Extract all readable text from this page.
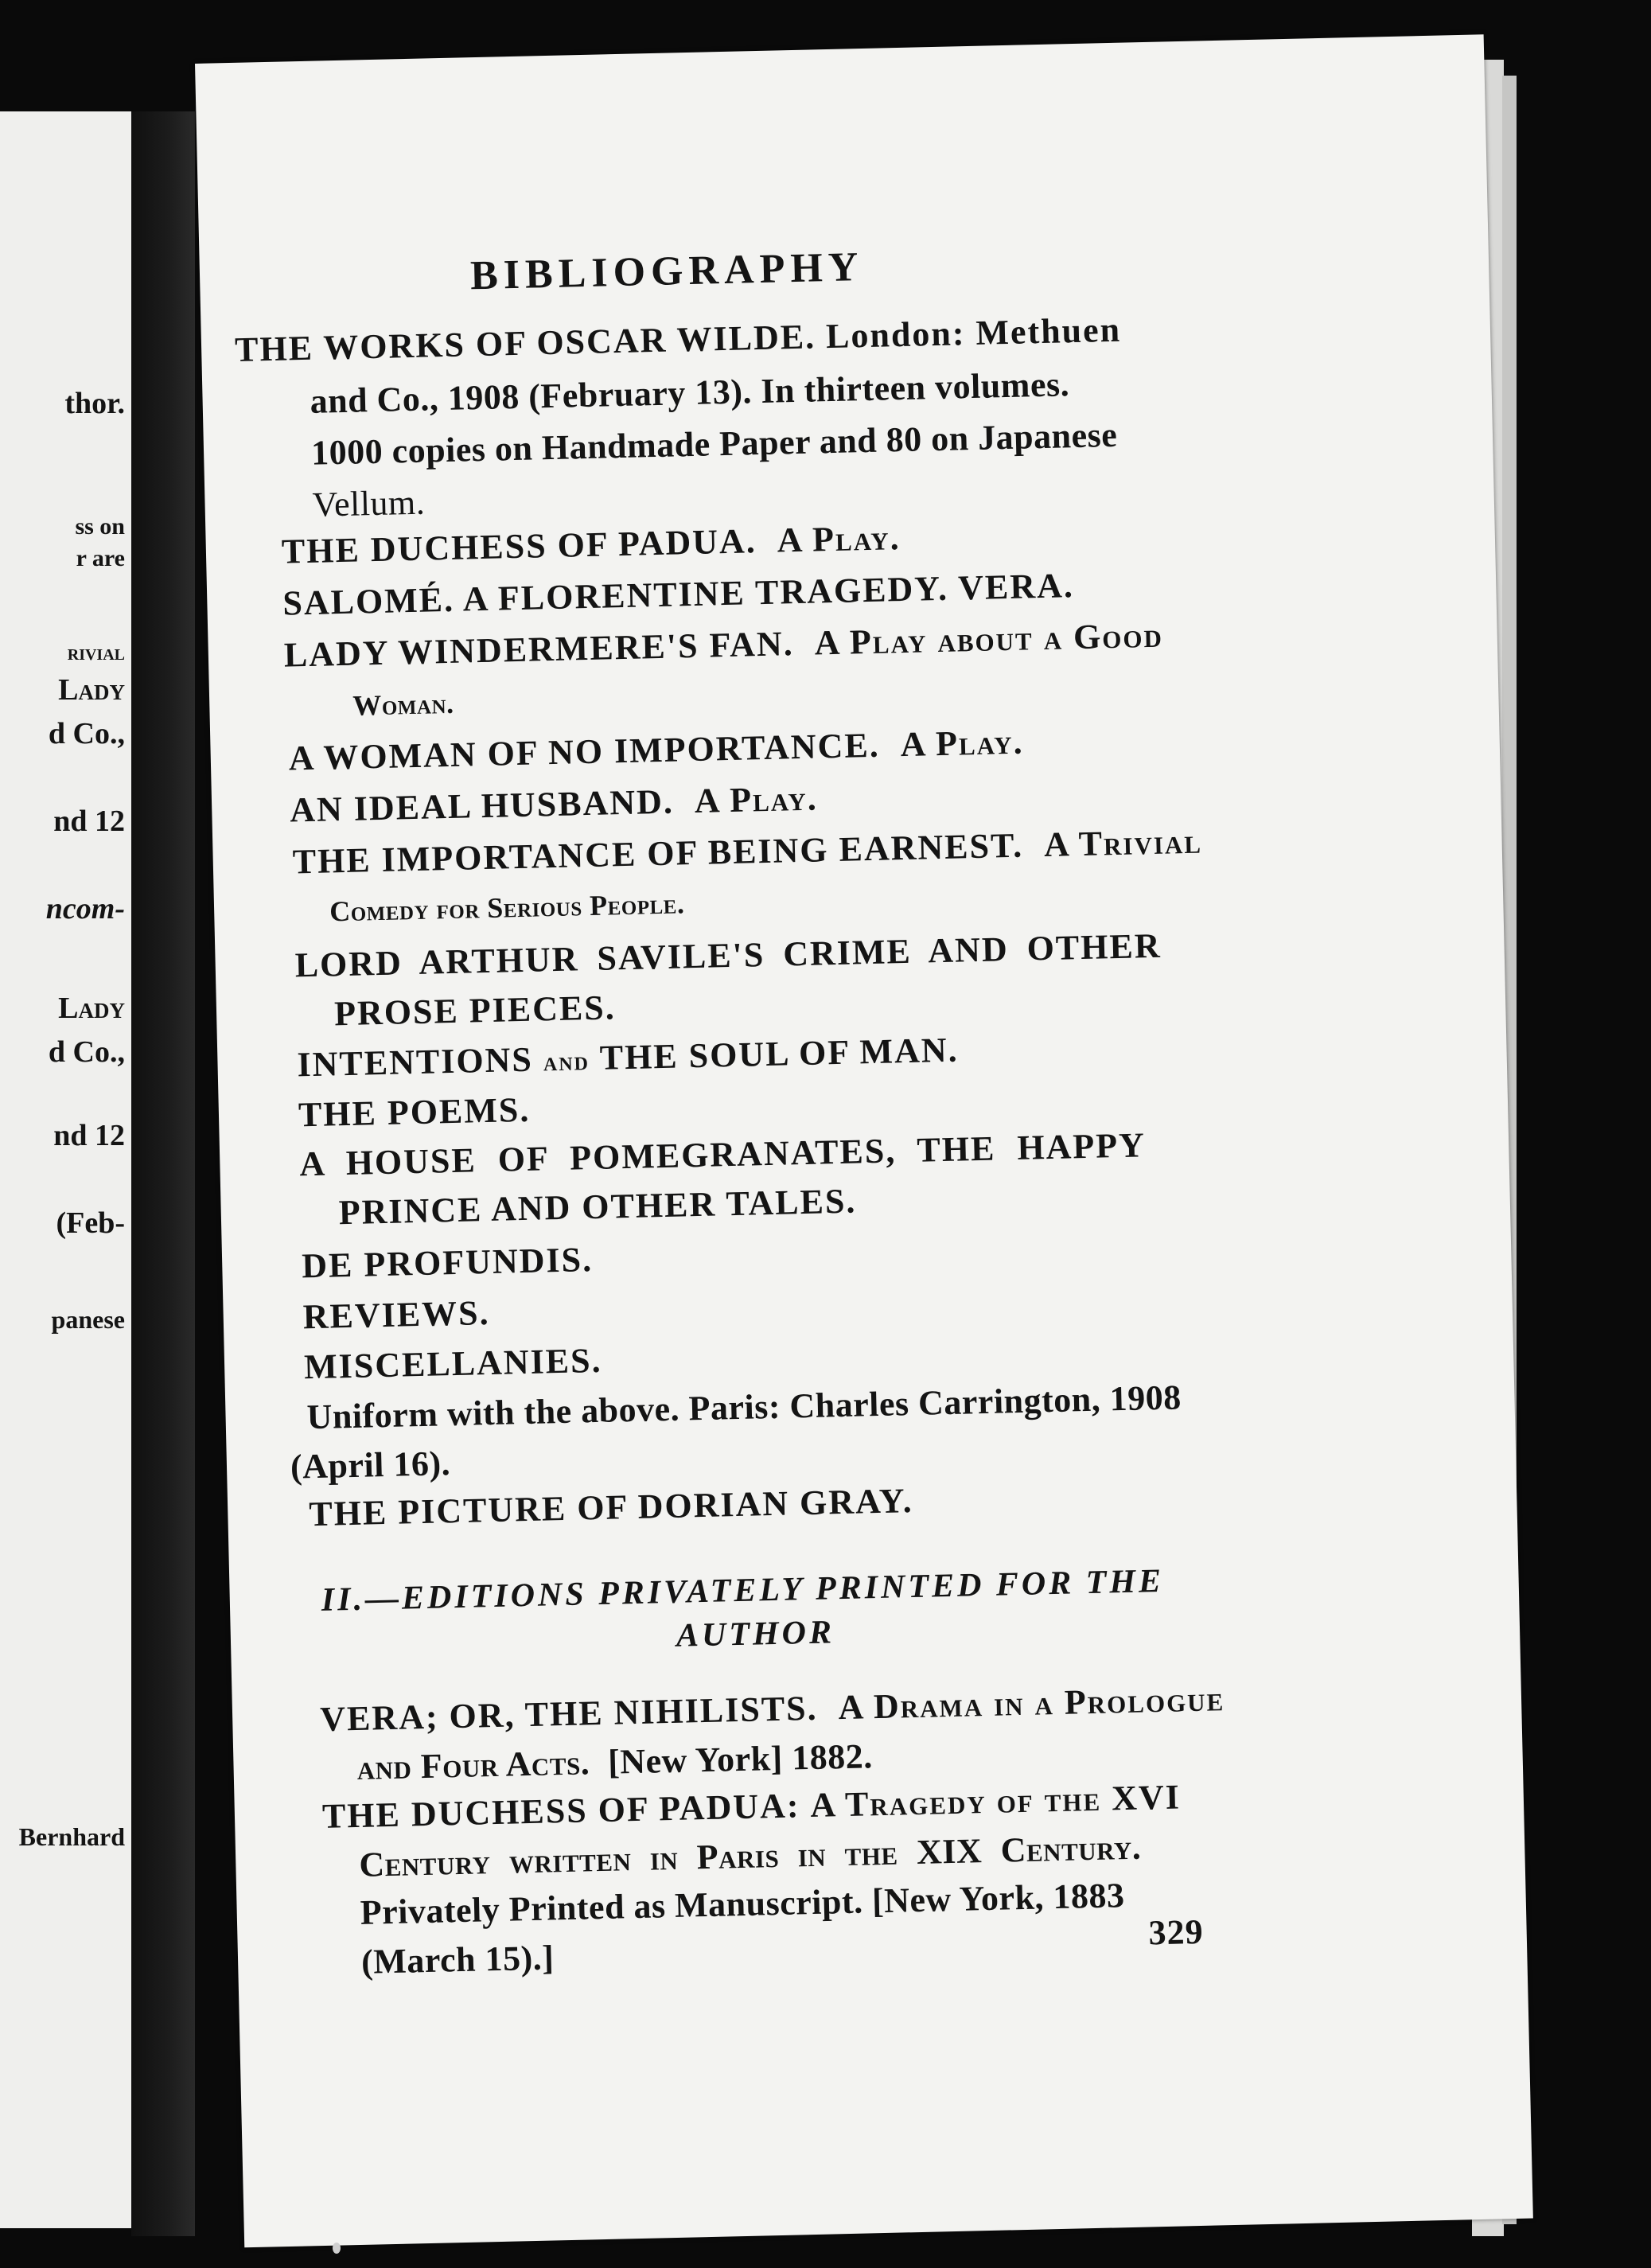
thor.
ss on
r are
rivial
Lady
d Co.,
nd 12
ncom-
Lady
d Co.,
nd 12
(Feb-
panese
Bernhard
BIBLIOGRAPHY
THE WORKS OF OSCAR WILDE. London: Methuen
and Co., 1908 (February 13). In thirteen volumes.
1000 copies on Handmade Paper and 80 on Japanese
Vellum.
THE DUCHESS OF PADUA. A Play.
SALOMÉ. A FLORENTINE TRAGEDY. VERA.
LADY WINDERMERE'S FAN. A Play about a Good
Woman.
A WOMAN OF NO IMPORTANCE. A Play.
AN IDEAL HUSBAND. A Play.
THE IMPORTANCE OF BEING EARNEST. A Trivial
Comedy for Serious People.
LORD ARTHUR SAVILE'S CRIME AND OTHER
PROSE PIECES.
INTENTIONS and THE SOUL OF MAN.
THE POEMS.
A HOUSE OF POMEGRANATES, THE HAPPY
PRINCE AND OTHER TALES.
DE PROFUNDIS.
REVIEWS.
MISCELLANIES.
Uniform with the above. Paris: Charles Carrington, 1908
(April 16).
THE PICTURE OF DORIAN GRAY.
II.—EDITIONS PRIVATELY PRINTED FOR THE
AUTHOR
VERA; OR, THE NIHILISTS. A Drama in a Prologue
and Four Acts. [New York] 1882.
THE DUCHESS OF PADUA: A Tragedy of the XVI
Century written in Paris in the XIX Century.
Privately Printed as Manuscript. [New York, 1883
(March 15).]
329
